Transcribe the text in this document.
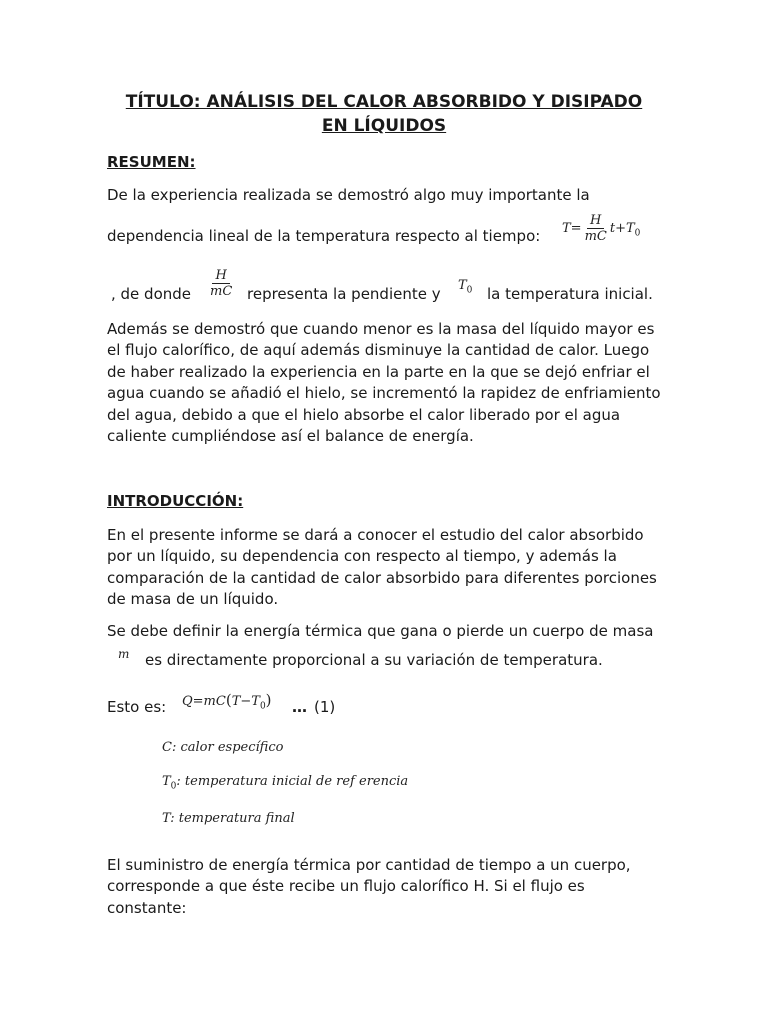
TÍTULO: ANÁLISIS DEL CALOR ABSORBIDO Y DISIPADO
EN LÍQUIDOS
RESUMEN:
De la experiencia realizada se demostró algo muy importante la
dependencia lineal de la temperatura respecto al tiempo: $T= \frac{H}{mC} t+T_0$
, de donde $\frac{H}{mC}$ representa la pendiente y $T_0$ la temperatura inicial.
Además se demostró que cuando menor es la masa del líquido mayor es el flujo calorífico, de aquí además disminuye la cantidad de calor. Luego de haber realizado la experiencia en la parte en la que se dejó enfriar el agua cuando se añadió el hielo, se incrementó la rapidez de enfriamiento del agua, debido a que el hielo absorbe el calor liberado por el agua caliente cumpliéndose así el balance de energía.
INTRODUCCIÓN:
En el presente informe se dará a conocer el estudio del calor absorbido por un líquido, su dependencia con respecto al tiempo, y además la comparación de la cantidad de calor absorbido para diferentes porciones de masa de un líquido.
Se debe definir la energía térmica que gana o pierde un cuerpo de masa
m es directamente proporcional a su variación de temperatura.
Esto es: $Q=mC(T-T_0)$ … (1)
C: calor específico
$T_0$: temperatura inicial de ref erencia
T: temperatura final
El suministro de energía térmica por cantidad de tiempo a un cuerpo, corresponde a que éste recibe un flujo calorífico H. Si el flujo es constante:
